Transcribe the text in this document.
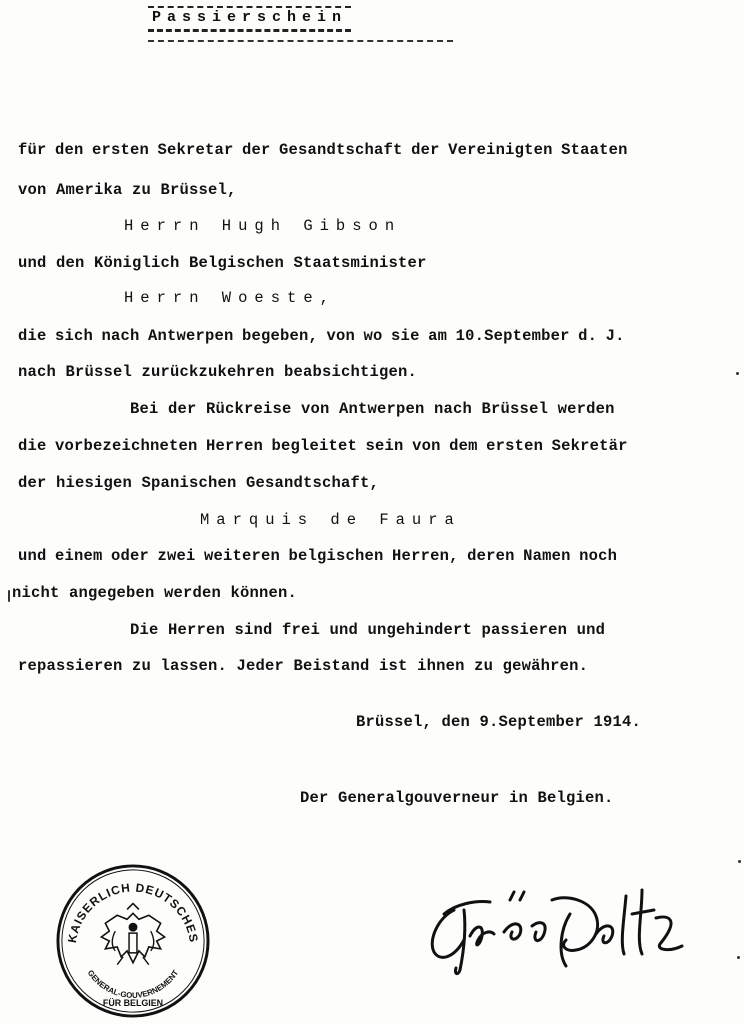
Passierschein
für den ersten Sekretar der Gesandtschaft der Vereinigten Staaten
von Amerika zu Brüssel,
Herrn Hugh Gibson
und den Königlich Belgischen Staatsminister
Herrn Woeste,
die sich nach Antwerpen begeben, von wo sie am 10.September d. J.
nach Brüssel zurückzukehren beabsichtigen.
Bei der Rückreise von Antwerpen nach Brüssel werden
die vorbezeichneten Herren begleitet sein von dem ersten Sekretär
der hiesigen Spanischen Gesandtschaft,
Marquis de Faura
und einem oder zwei weiteren belgischen Herren, deren Namen noch
nicht angegeben werden können.
Die Herren sind frei und ungehindert passieren und
repassieren zu lassen. Jeder Beistand ist ihnen zu gewähren.
Brüssel, den 9.September 1914.
Der Generalgouverneur in Belgien.
KAISERLICH DEUTSCHES
GENERAL-GOUVERNEMENT
FÜR BELGIEN
